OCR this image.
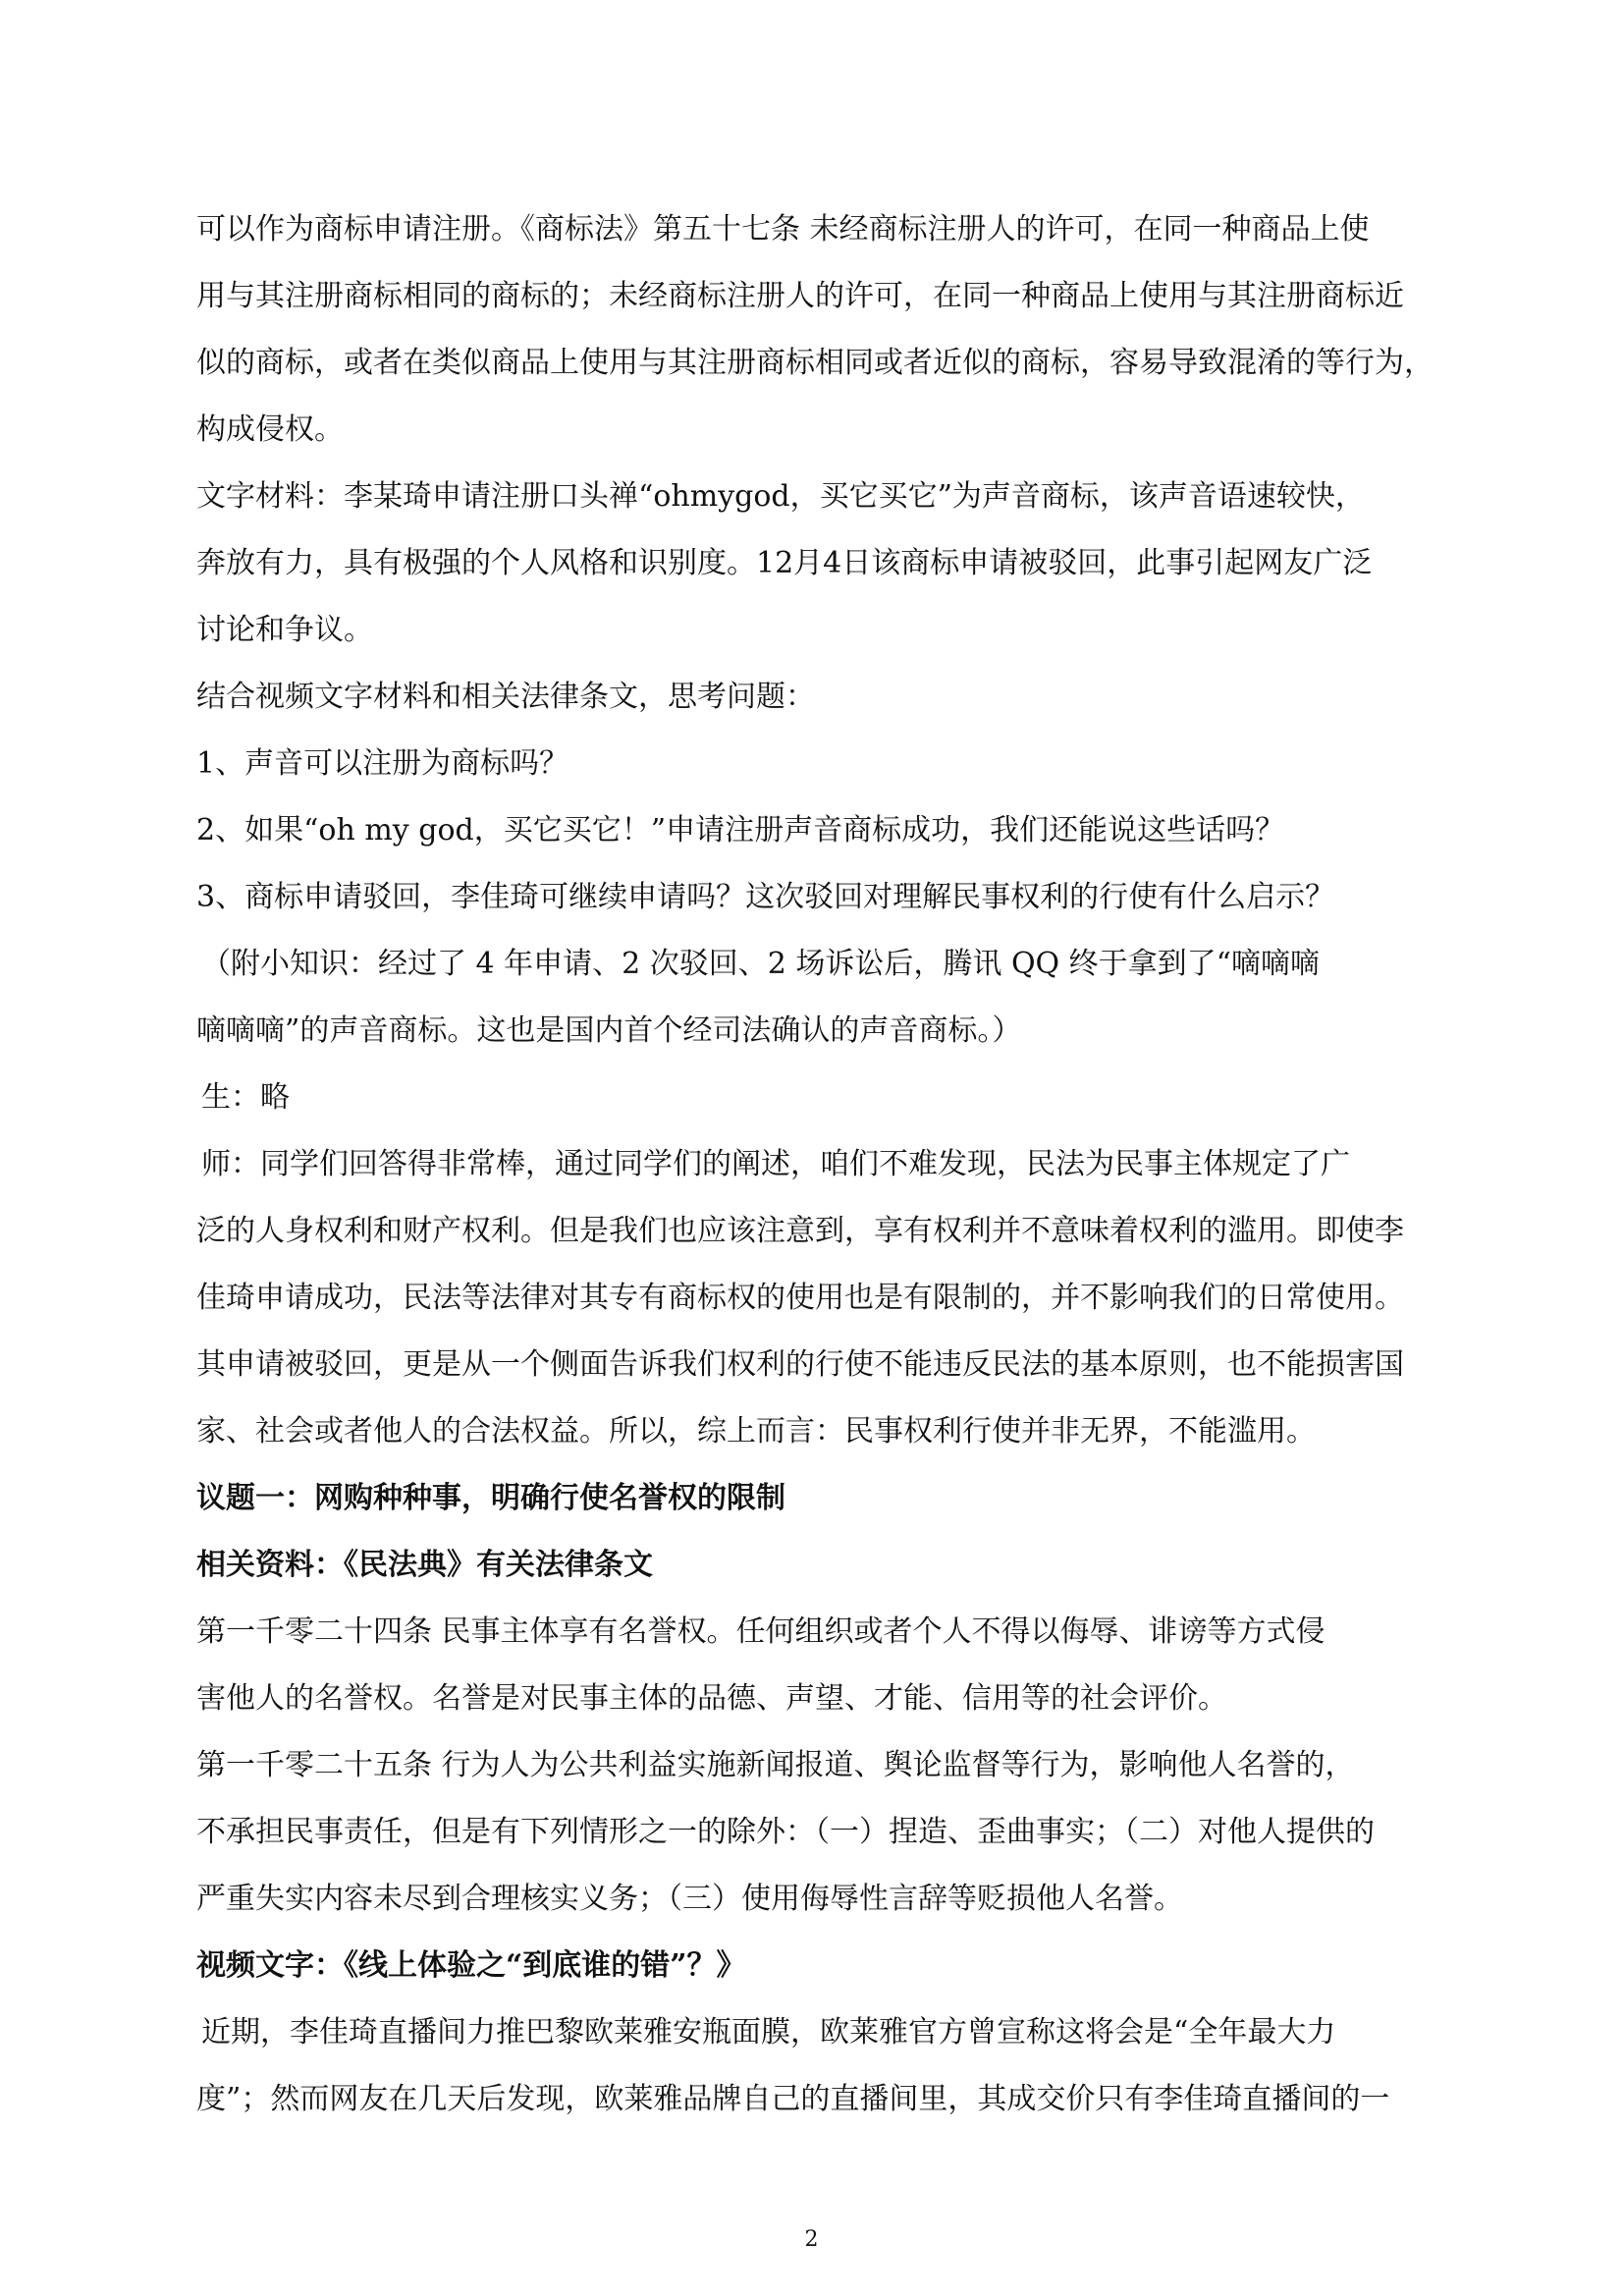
可以作为商标申请注册。《商标法》第五十七条 未经商标注册人的许可，在同一种商品上使
用与其注册商标相同的商标的；未经商标注册人的许可，在同一种商品上使用与其注册商标近
似的商标，或者在类似商品上使用与其注册商标相同或者近似的商标，容易导致混淆的等行为，
构成侵权。
文字材料：李某琦申请注册口头禅“ohmygod，买它买它”为声音商标，该声音语速较快，
奔放有力，具有极强的个人风格和识别度。12月4日该商标申请被驳回，此事引起网友广泛
讨论和争议。
结合视频文字材料和相关法律条文，思考问题：
1、声音可以注册为商标吗？
2、如果“oh my god，买它买它！”申请注册声音商标成功，我们还能说这些话吗？
3、商标申请驳回，李佳琦可继续申请吗？这次驳回对理解民事权利的行使有什么启示？
（附小知识：经过了 4 年申请、2 次驳回、2 场诉讼后，腾讯 QQ 终于拿到了“嘀嘀嘀
嘀嘀嘀”的声音商标。这也是国内首个经司法确认的声音商标。）
生：略
师：同学们回答得非常棒，通过同学们的阐述，咱们不难发现，民法为民事主体规定了广
泛的人身权利和财产权利。但是我们也应该注意到，享有权利并不意味着权利的滥用。即使李
佳琦申请成功，民法等法律对其专有商标权的使用也是有限制的，并不影响我们的日常使用。
其申请被驳回，更是从一个侧面告诉我们权利的行使不能违反民法的基本原则，也不能损害国
家、社会或者他人的合法权益。所以，综上而言：民事权利行使并非无界，不能滥用。
议题一：网购种种事，明确行使名誉权的限制
相关资料：《民法典》有关法律条文
第一千零二十四条 民事主体享有名誉权。任何组织或者个人不得以侮辱、诽谤等方式侵
害他人的名誉权。名誉是对民事主体的品德、声望、才能、信用等的社会评价。
第一千零二十五条 行为人为公共利益实施新闻报道、舆论监督等行为，影响他人名誉的，
不承担民事责任，但是有下列情形之一的除外：（一）捏造、歪曲事实；（二）对他人提供的
严重失实内容未尽到合理核实义务；（三）使用侮辱性言辞等贬损他人名誉。
视频文字：《线上体验之“到底谁的错”？》
近期，李佳琦直播间力推巴黎欧莱雅安瓶面膜，欧莱雅官方曾宣称这将会是“全年最大力
度”；然而网友在几天后发现，欧莱雅品牌自己的直播间里，其成交价只有李佳琦直播间的一
2
